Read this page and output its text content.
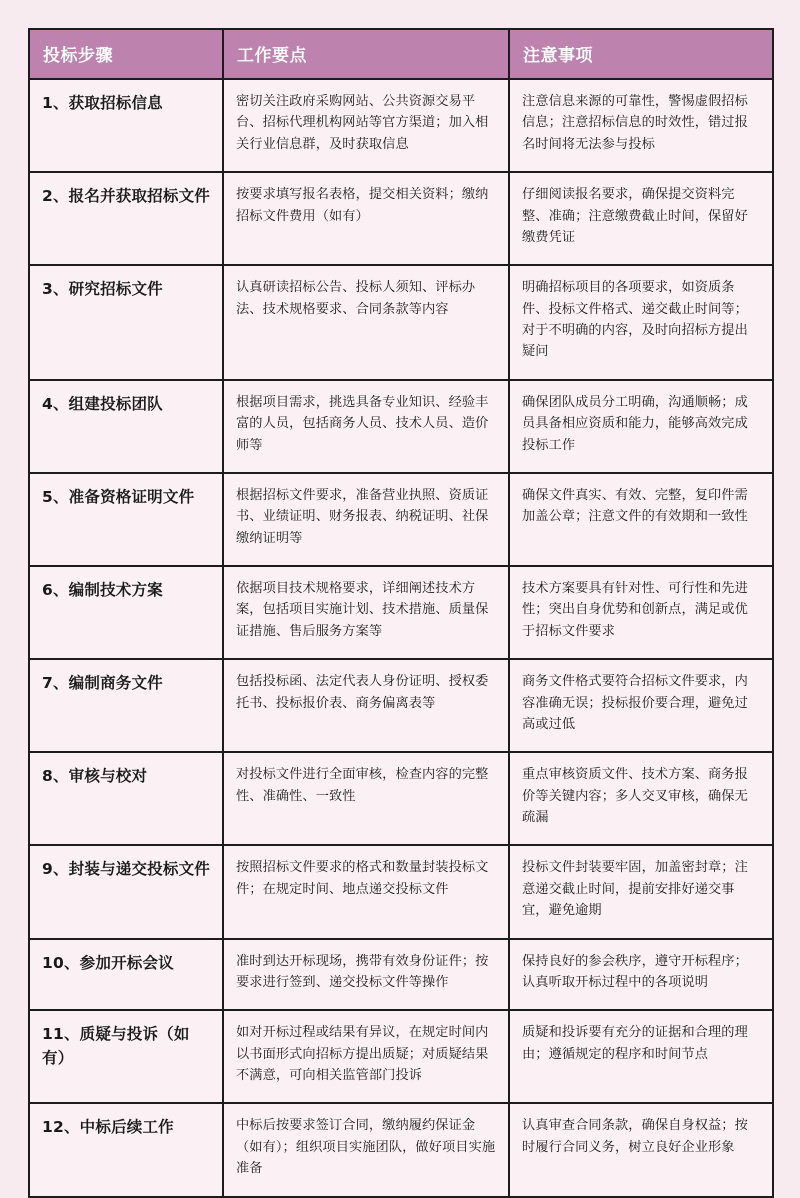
投标步骤	工作要点	注意事项
1、获取招标信息	密切关注政府采购网站、公共资源交易平台、招标代理机构网站等官方渠道；加入相关行业信息群，及时获取信息	注意信息来源的可靠性，警惕虚假招标信息；注意招标信息的时效性，错过报名时间将无法参与投标
2、报名并获取招标文件	按要求填写报名表格，提交相关资料；缴纳招标文件费用（如有）	仔细阅读报名要求，确保提交资料完整、准确；注意缴费截止时间，保留好缴费凭证
3、研究招标文件	认真研读招标公告、投标人须知、评标办法、技术规格要求、合同条款等内容	明确招标项目的各项要求，如资质条件、投标文件格式、递交截止时间等；对于不明确的内容，及时向招标方提出疑问
4、组建投标团队	根据项目需求，挑选具备专业知识、经验丰富的人员，包括商务人员、技术人员、造价师等	确保团队成员分工明确，沟通顺畅；成员具备相应资质和能力，能够高效完成投标工作
5、准备资格证明文件	根据招标文件要求，准备营业执照、资质证书、业绩证明、财务报表、纳税证明、社保缴纳证明等	确保文件真实、有效、完整，复印件需加盖公章；注意文件的有效期和一致性
6、编制技术方案	依据项目技术规格要求，详细阐述技术方案，包括项目实施计划、技术措施、质量保证措施、售后服务方案等	技术方案要具有针对性、可行性和先进性；突出自身优势和创新点，满足或优于招标文件要求
7、编制商务文件	包括投标函、法定代表人身份证明、授权委托书、投标报价表、商务偏离表等	商务文件格式要符合招标文件要求，内容准确无误；投标报价要合理，避免过高或过低
8、审核与校对	对投标文件进行全面审核，检查内容的完整性、准确性、一致性	重点审核资质文件、技术方案、商务报价等关键内容；多人交叉审核，确保无疏漏
9、封装与递交投标文件	按照招标文件要求的格式和数量封装投标文件；在规定时间、地点递交投标文件	投标文件封装要牢固，加盖密封章；注意递交截止时间，提前安排好递交事宜，避免逾期
10、参加开标会议	准时到达开标现场，携带有效身份证件；按要求进行签到、递交投标文件等操作	保持良好的参会秩序，遵守开标程序；认真听取开标过程中的各项说明
11、质疑与投诉（如有）	如对开标过程或结果有异议，在规定时间内以书面形式向招标方提出质疑；对质疑结果不满意，可向相关监管部门投诉	质疑和投诉要有充分的证据和合理的理由；遵循规定的程序和时间节点
12、中标后续工作	中标后按要求签订合同，缴纳履约保证金（如有）；组织项目实施团队，做好项目实施准备	认真审查合同条款，确保自身权益；按时履行合同义务，树立良好企业形象
